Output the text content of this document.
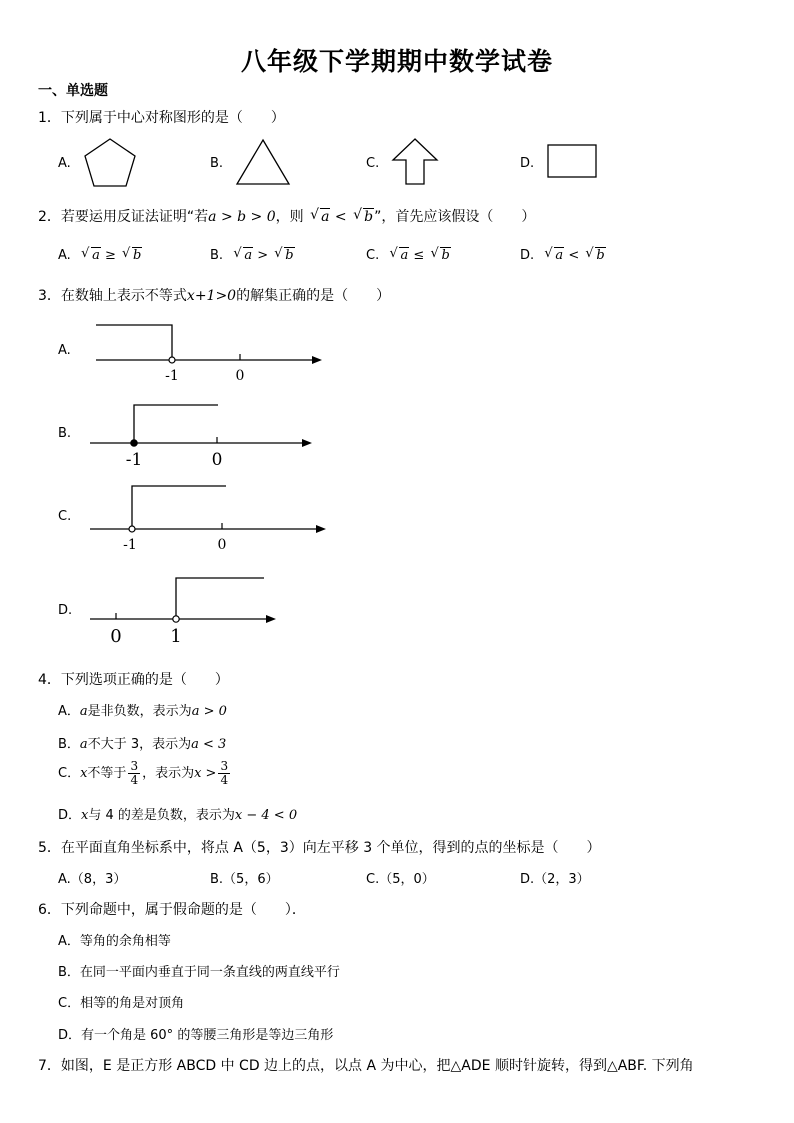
八年级下学期期中数学试卷
一、单选题
1．下列属于中心对称图形的是（　　）
A.	B.	C.	D.
2．若要运用反证法证明“若a > b > 0，则 √ a < √ b”，首先应该假设（　　）
A. √ a ≥ √ b	B. √ a > √ b	C. √ a ≤ √ b	D. √ a < √ b
3．在数轴上表示不等式x+1>0的解集正确的是（　　）
A.
-1	0
B.
-1	0
C.
-1	0
D.
0	1
4．下列选项正确的是（　　）
A．a是非负数，表示为a > 0
B．a不大于 3，表示为a < 3
C．x不等于 $\frac{3}{4}$ ，表示为$x > \frac{3}{4}$
D．x与 4 的差是负数，表示为x − 4 < 0
5．在平面直角坐标系中，将点 A（5，3）向左平移 3 个单位，得到的点的坐标是（　　）
A.（8，3）	B.（5，6）	C.（5，0）	D.（2，3）
6．下列命题中，属于假命题的是（　　）．
A．等角的余角相等
B．在同一平面内垂直于同一条直线的两直线平行
C．相等的角是对顶角
D．有一个角是 60° 的等腰三角形是等边三角形
7．如图，E 是正方形 ABCD 中 CD 边上的点，以点 A 为中心，把△ADE 顺时针旋转，得到△ABF. 下列角
